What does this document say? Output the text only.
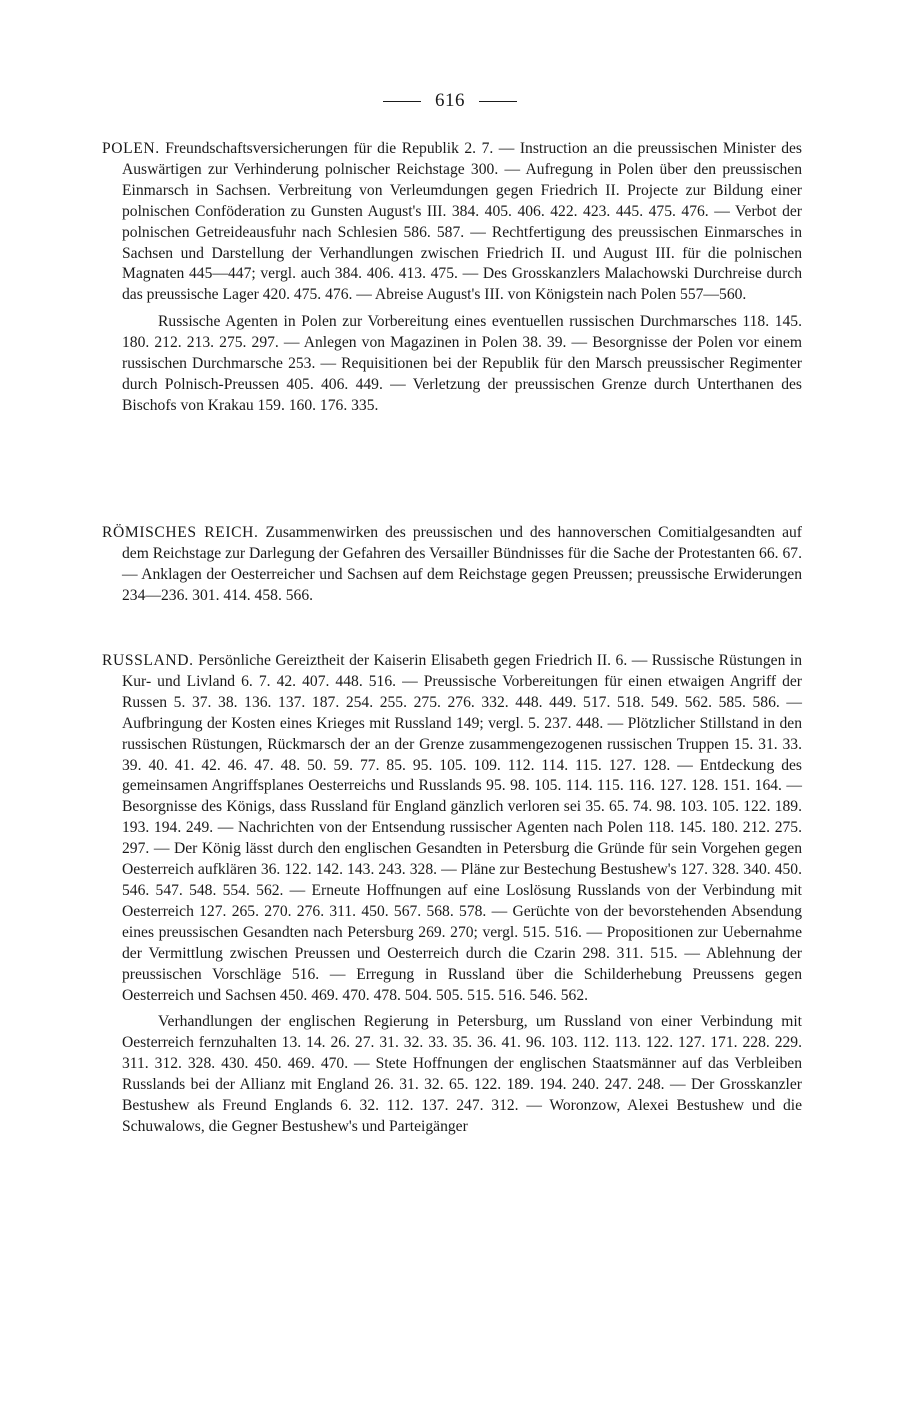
616

POLEN. Freundschaftsversicherungen für die Republik 2. 7. — Instruction an die preussischen Minister des Auswärtigen zur Verhinderung polnischer Reichstage 300. — Aufregung in Polen über den preussischen Einmarsch in Sachsen. Verbreitung von Verleumdungen gegen Friedrich II. Projecte zur Bildung einer polnischen Conföderation zu Gunsten August's III. 384. 405. 406. 422. 423. 445. 475. 476. — Verbot der polnischen Getreideausfuhr nach Schlesien 586. 587. — Rechtfertigung des preussischen Einmarsches in Sachsen und Darstellung der Verhandlungen zwischen Friedrich II. und August III. für die polnischen Magnaten 445—447; vergl. auch 384. 406. 413. 475. — Des Grosskanzlers Malachowski Durchreise durch das preussische Lager 420. 475. 476. — Abreise August's III. von Königstein nach Polen 557—560.

Russische Agenten in Polen zur Vorbereitung eines eventuellen russischen Durchmarsches 118. 145. 180. 212. 213. 275. 297. — Anlegen von Magazinen in Polen 38. 39. — Besorgnisse der Polen vor einem russischen Durchmarsche 253. — Requisitionen bei der Republik für den Marsch preussischer Regimenter durch Polnisch-Preussen 405. 406. 449. — Verletzung der preussischen Grenze durch Unterthanen des Bischofs von Krakau 159. 160. 176. 335.

RÖMISCHES REICH. Zusammenwirken des preussischen und des hannoverschen Comitialgesandten auf dem Reichstage zur Darlegung der Gefahren des Versailler Bündnisses für die Sache der Protestanten 66. 67. — Anklagen der Oesterreicher und Sachsen auf dem Reichstage gegen Preussen; preussische Erwiderungen 234—236. 301. 414. 458. 566.

RUSSLAND. Persönliche Gereiztheit der Kaiserin Elisabeth gegen Friedrich II. 6. — Russische Rüstungen in Kur- und Livland 6. 7. 42. 407. 448. 516. — Preussische Vorbereitungen für einen etwaigen Angriff der Russen 5. 37. 38. 136. 137. 187. 254. 255. 275. 276. 332. 448. 449. 517. 518. 549. 562. 585. 586. — Aufbringung der Kosten eines Krieges mit Russland 149; vergl. 5. 237. 448. — Plötzlicher Stillstand in den russischen Rüstungen, Rückmarsch der an der Grenze zusammengezogenen russischen Truppen 15. 31. 33. 39. 40. 41. 42. 46. 47. 48. 50. 59. 77. 85. 95. 105. 109. 112. 114. 115. 127. 128. — Entdeckung des gemeinsamen Angriffsplanes Oesterreichs und Russlands 95. 98. 105. 114. 115. 116. 127. 128. 151. 164. — Besorgnisse des Königs, dass Russland für England gänzlich verloren sei 35. 65. 74. 98. 103. 105. 122. 189. 193. 194. 249. — Nachrichten von der Entsendung russischer Agenten nach Polen 118. 145. 180. 212. 275. 297. — Der König lässt durch den englischen Gesandten in Petersburg die Gründe für sein Vorgehen gegen Oesterreich aufklären 36. 122. 142. 143. 243. 328. — Pläne zur Bestechung Bestushew's 127. 328. 340. 450. 546. 547. 548. 554. 562. — Erneute Hoffnungen auf eine Loslösung Russlands von der Verbindung mit Oesterreich 127. 265. 270. 276. 311. 450. 567. 568. 578. — Gerüchte von der bevorstehenden Absendung eines preussischen Gesandten nach Petersburg 269. 270; vergl. 515. 516. — Propositionen zur Uebernahme der Vermittlung zwischen Preussen und Oesterreich durch die Czarin 298. 311. 515. — Ablehnung der preussischen Vorschläge 516. — Erregung in Russland über die Schilderhebung Preussens gegen Oesterreich und Sachsen 450. 469. 470. 478. 504. 505. 515. 516. 546. 562.

Verhandlungen der englischen Regierung in Petersburg, um Russland von einer Verbindung mit Oesterreich fernzuhalten 13. 14. 26. 27. 31. 32. 33. 35. 36. 41. 96. 103. 112. 113. 122. 127. 171. 228. 229. 311. 312. 328. 430. 450. 469. 470. — Stete Hoffnungen der englischen Staatsmänner auf das Verbleiben Russlands bei der Allianz mit England 26. 31. 32. 65. 122. 189. 194. 240. 247. 248. — Der Grosskanzler Bestushew als Freund Englands 6. 32. 112. 137. 247. 312. — Woronzow, Alexei Bestushew und die Schuwalows, die Gegner Bestushew's und Parteigänger
